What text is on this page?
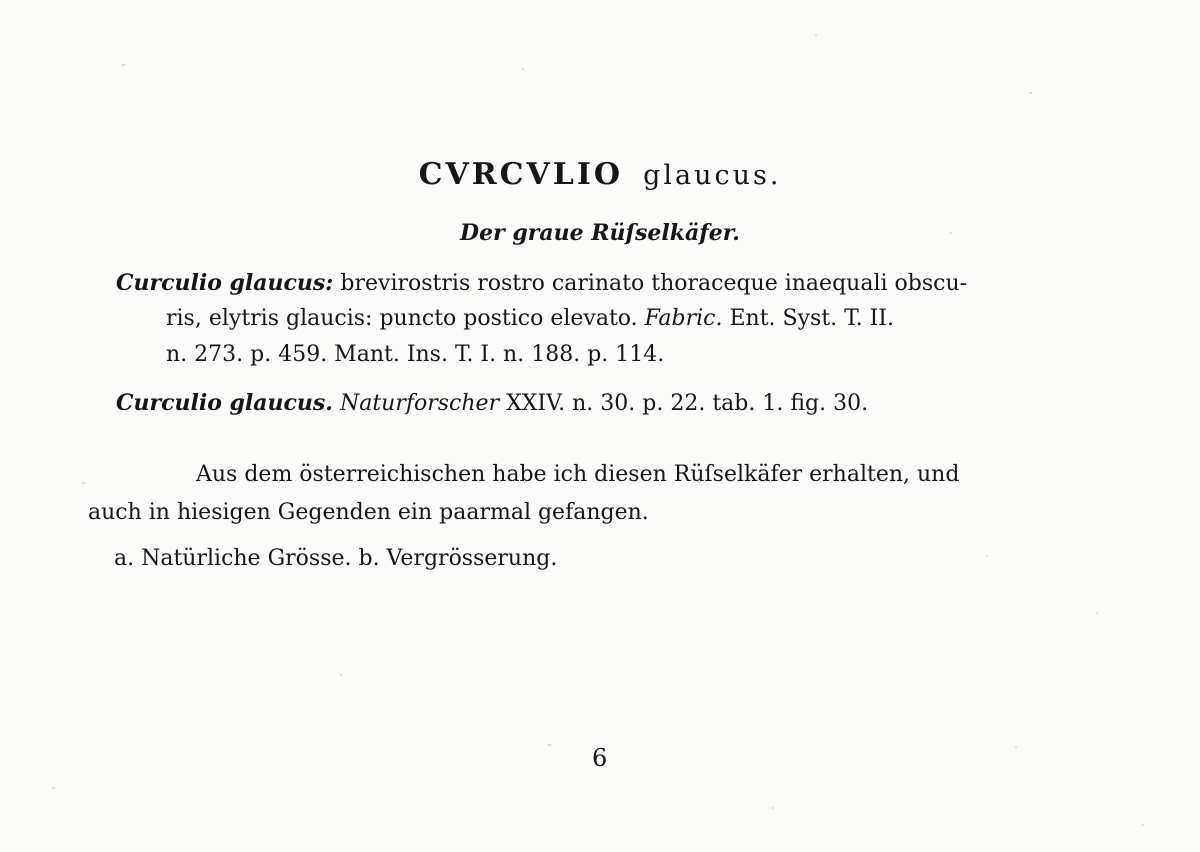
CVRCVLIO glaucus.
Der graue Rüſselkäfer.
Curculio glaucus: brevirostris rostro carinato thoraceque inaequali obscu-
ris, elytris glaucis: puncto postico elevato. Fabric. Ent. Syst. T. II.
n. 273. p. 459. Mant. Ins. T. I. n. 188. p. 114.
Curculio glaucus. Naturforscher XXIV. n. 30. p. 22. tab. 1. fig. 30.
Aus dem österreichischen habe ich diesen Rüſselkäfer erhalten, und
auch in hiesigen Gegenden ein paarmal gefangen.
a. Natürliche Grösse. b. Vergrösserung.
6
